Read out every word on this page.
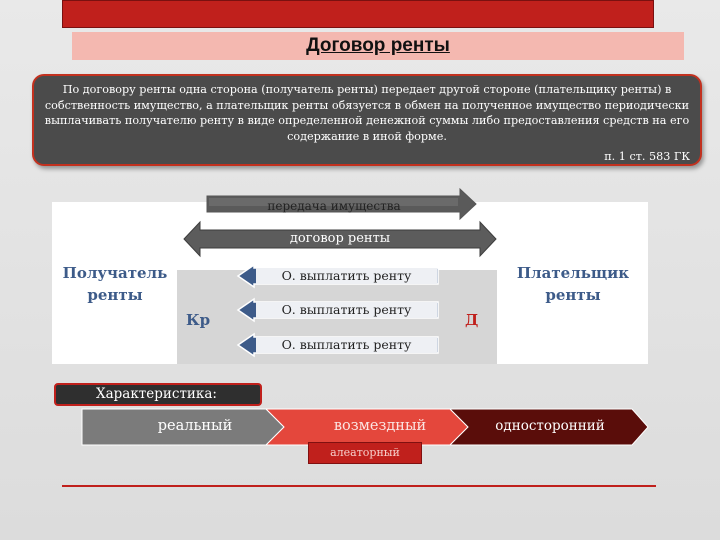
Договор ренты
По договору ренты одна сторона (получатель ренты) передает другой стороне (плательщику ренты) в собственность имущество, а плательщик ренты обязуется в обмен на полученное имущество периодически выплачивать получателю ренту в виде определенной денежной суммы либо предоставления средств на его содержание в иной форме.
п. 1 ст. 583 ГК
передача имущества
договор ренты
Получатель ренты
Плательщик ренты
Кр	Д
О. выплатить ренту
О. выплатить ренту
О. выплатить ренту
Характеристика:
реальный	возмездный	односторонний
алеаторный
